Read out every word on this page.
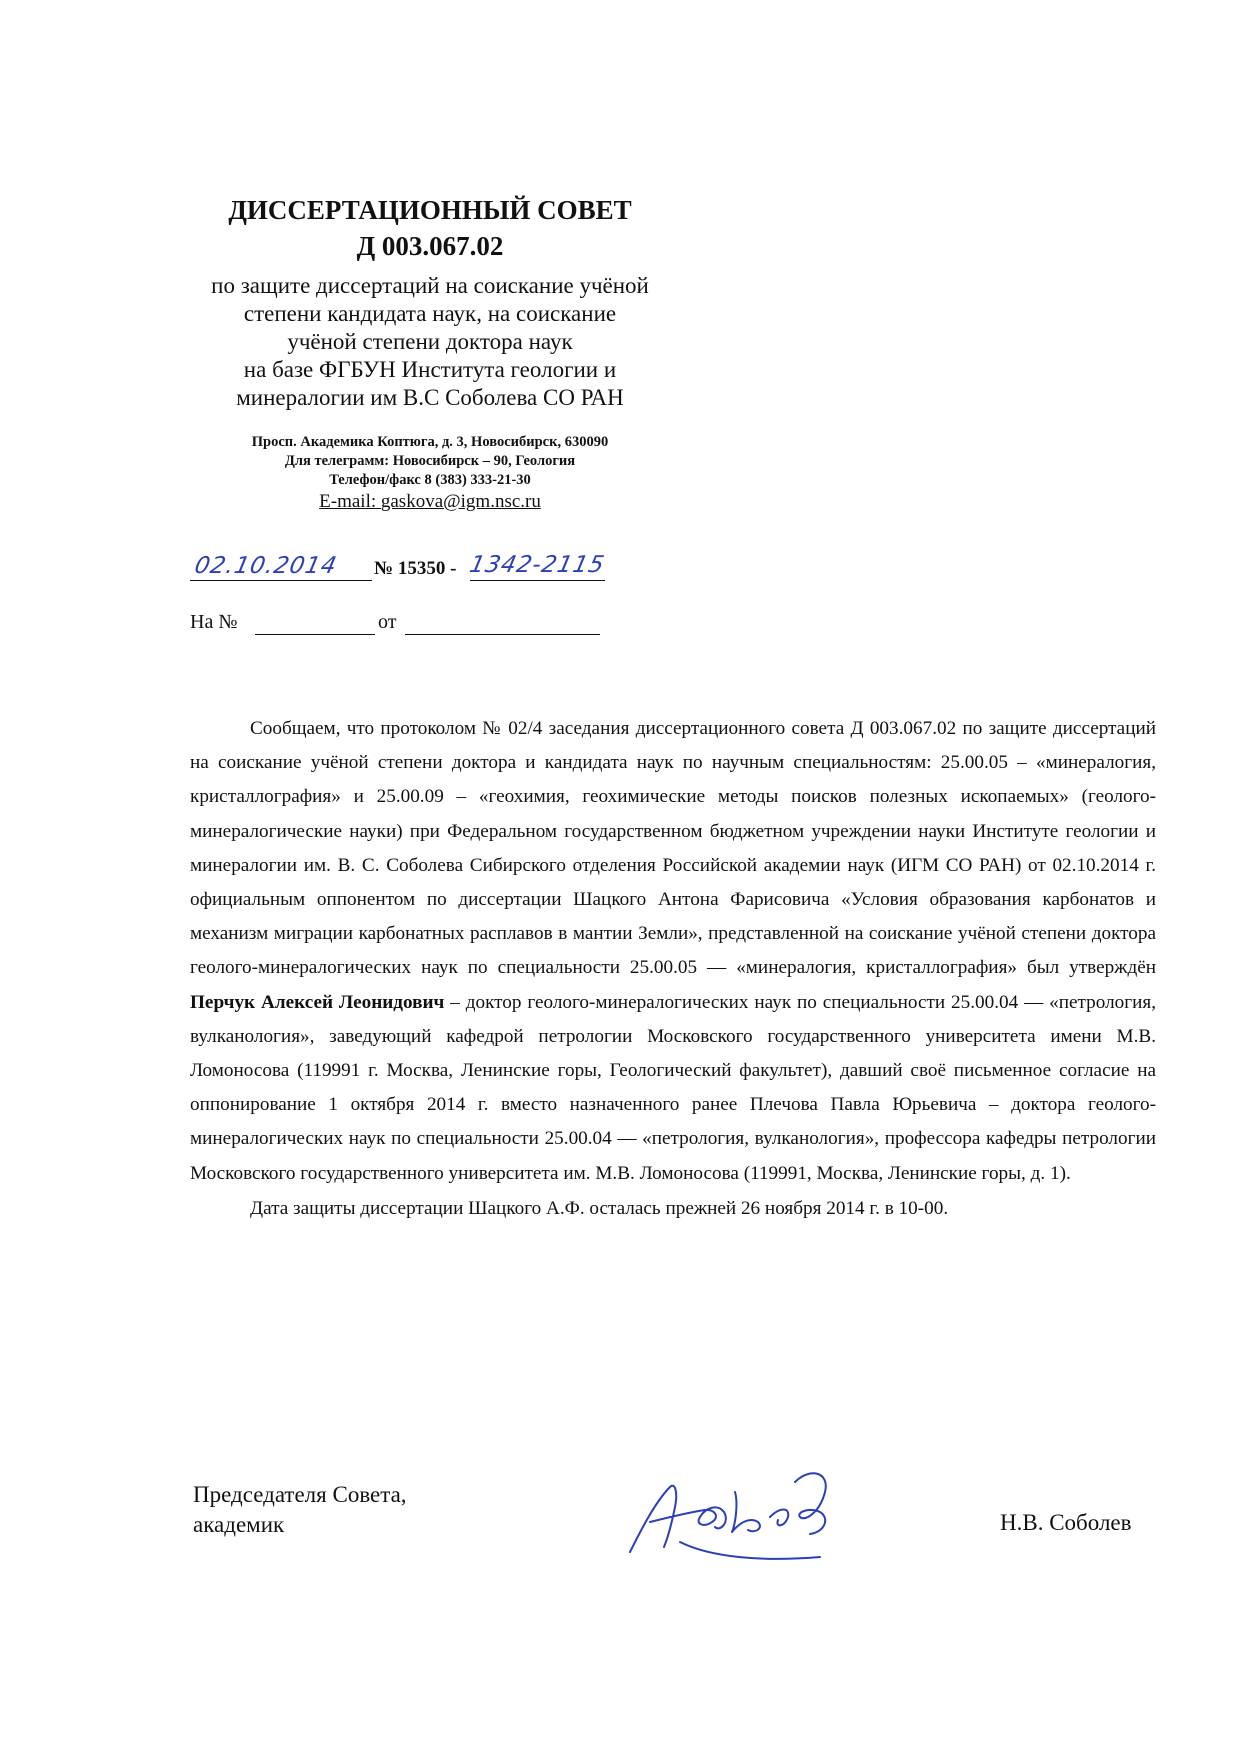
ДИССЕРТАЦИОННЫЙ СОВЕТ
Д 003.067.02
по защите диссертаций на соискание учёной
степени кандидата наук, на соискание
учёной степени доктора наук
на базе ФГБУН Института геологии и
минералогии им В.С Соболева СО РАН
Просп. Академика Коптюга, д. 3, Новосибирск, 630090
Для телеграмм: Новосибирск – 90, Геология
Телефон/факс 8 (383) 333-21-30
E-mail: gaskova@igm.nsc.ru
02.10.2014 № 15350 - 1342-2115
На №	от

Сообщаем, что протоколом № 02/4 заседания диссертационного совета Д 003.067.02 по защите диссертаций на соискание учёной степени доктора и кандидата наук по научным специальностям: 25.00.05 – «минералогия, кристаллография» и 25.00.09 – «геохимия, геохимические методы поисков полезных ископаемых» (геолого-минералогические науки) при Федеральном государственном бюджетном учреждении науки Институте геологии и минералогии им. В. С. Соболева Сибирского отделения Российской академии наук (ИГМ СО РАН) от 02.10.2014 г. официальным оппонентом по диссертации Шацкого Антона Фарисовича «Условия образования карбонатов и механизм миграции карбонатных расплавов в мантии Земли», представленной на соискание учёной степени доктора геолого-минералогических наук по специальности 25.00.05 — «минералогия, кристаллография» был утверждён Перчук Алексей Леонидович – доктор геолого-минералогических наук по специальности 25.00.04 — «петрология, вулканология», заведующий кафедрой петрологии Московского государственного университета имени М.В. Ломоносова (119991 г. Москва, Ленинские горы, Геологический факультет), давший своё письменное согласие на оппонирование 1 октября 2014 г. вместо назначенного ранее Плечова Павла Юрьевича – доктора геолого-минералогических наук по специальности 25.00.04 — «петрология, вулканология», профессора кафедры петрологии Московского государственного университета им. М.В. Ломоносова (119991, Москва, Ленинские горы, д. 1).

Дата защиты диссертации Шацкого А.Ф. осталась прежней 26 ноября 2014 г. в 10-00.

Председателя Совета,
академик	Н.В. Соболев
